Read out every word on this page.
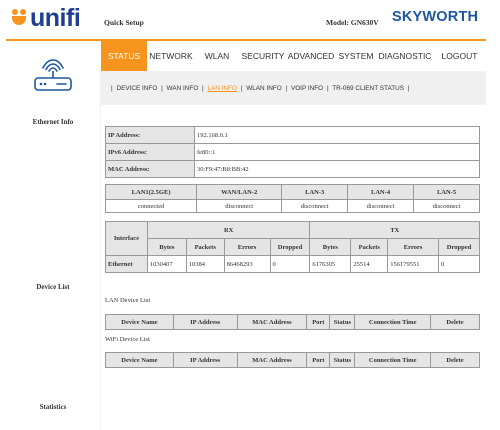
unifi	Quick Setup	Model: GN630V SKYWORTH
Ethernet Info
Device List
Statistics
STATUS	NETWORK	WLAN	SECURITY ADVANCED SYSTEM DIAGNOSTIC	LOGOUT
| DEVICE INFO | WAN INFO | LAN INFO | WLAN INFO | VOIP INFO | TR-069 CLIENT STATUS |
IP Address:	192.168.0.1
IPv6 Address:	fe80::1
MAC Address:	30:F9:47:B8:BB:42
LAN1(2.5GE)	WAN/LAN-2	LAN-3	LAN-4	LAN-5
connected	disconnect	disconnect	disconnect	disconnect
Interface	RX				TX			
	Bytes	Packets	Errors	Dropped	Bytes	Packets	Errors	Dropped
Ethernet	1030407	10384	86468293	0	6176305	25514	156179551	0
LAN Device List
Device Name	IP Address	MAC Address	Port	Status	Connection Time	Delete
WiFi Device List
Device Name	IP Address	MAC Address	Port	Status	Connection Time	Delete
